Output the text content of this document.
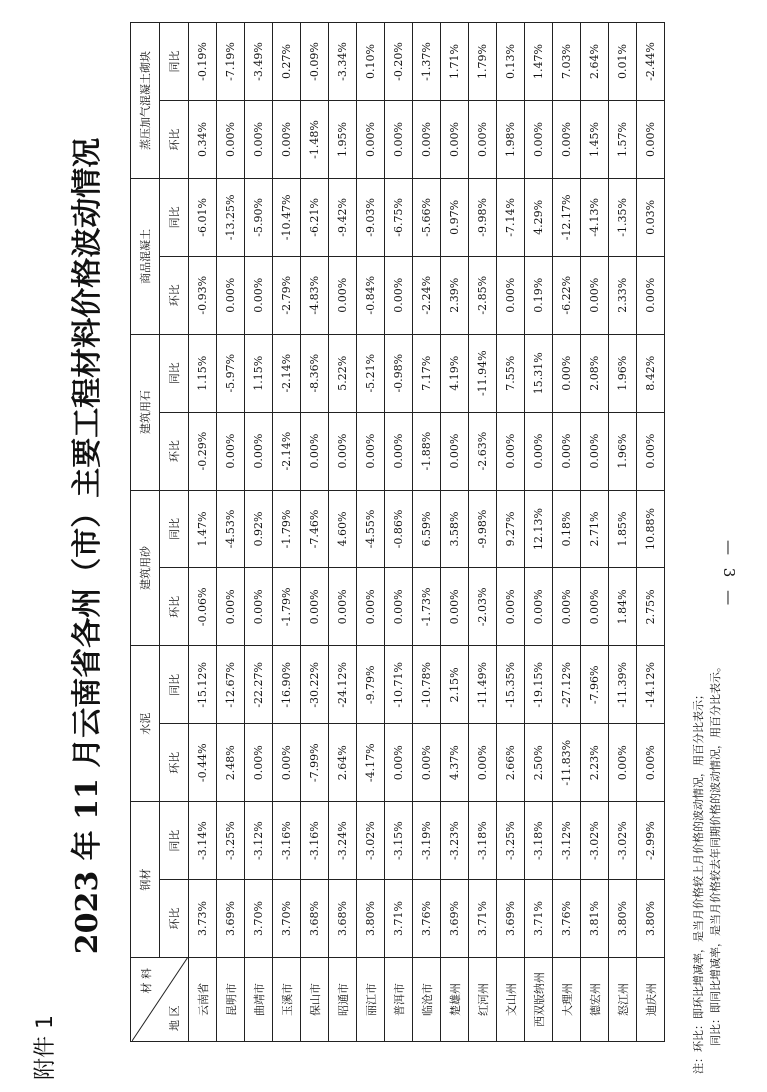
— 3 —
附件 1
2023 年 11 月云南省各州（市）主要工程材料价格波动情况
材 料
地 区	钢材		水泥		建筑用砂		建筑用石		商品混凝土		蒸压加气混凝土砌块	
	环比	同比	环比	同比	环比	同比	环比	同比	环比	同比	环比	同比
云南省	3.73%	-3.14%	-0.44%	-15.12%	-0.06%	1.47%	-0.29%	1.15%	-0.93%	-6.01%	0.34%	-0.19%
昆明市	3.69%	-3.25%	2.48%	-12.67%	0.00%	-4.53%	0.00%	-5.97%	0.00%	-13.25%	0.00%	-7.19%
曲靖市	3.70%	-3.12%	0.00%	-22.27%	0.00%	0.92%	0.00%	1.15%	0.00%	-5.90%	0.00%	-3.49%
玉溪市	3.70%	-3.16%	0.00%	-16.90%	-1.79%	-1.79%	-2.14%	-2.14%	-2.79%	-10.47%	0.00%	0.27%
保山市	3.68%	-3.16%	-7.99%	-30.22%	0.00%	-7.46%	0.00%	-8.36%	-4.83%	-6.21%	-1.48%	-0.09%
昭通市	3.68%	-3.24%	2.64%	-24.12%	0.00%	4.60%	0.00%	5.22%	0.00%	-9.42%	1.95%	-3.34%
丽江市	3.80%	-3.02%	-4.17%	-9.79%	0.00%	-4.55%	0.00%	-5.21%	-0.84%	-9.03%	0.00%	0.10%
普洱市	3.71%	-3.15%	0.00%	-10.71%	0.00%	-0.86%	0.00%	-0.98%	0.00%	-6.75%	0.00%	-0.20%
临沧市	3.76%	-3.19%	0.00%	-10.78%	-1.73%	6.59%	-1.88%	7.17%	-2.24%	-5.66%	0.00%	-1.37%
楚雄州	3.69%	-3.23%	4.37%	2.15%	0.00%	3.58%	0.00%	4.19%	2.39%	0.97%	0.00%	1.71%
红河州	3.71%	-3.18%	0.00%	-11.49%	-2.03%	-9.98%	-2.63%	-11.94%	-2.85%	-9.98%	0.00%	1.79%
文山州	3.69%	-3.25%	2.66%	-15.35%	0.00%	9.27%	0.00%	7.55%	0.00%	-7.14%	1.98%	0.13%
西双版纳州	3.71%	-3.18%	2.50%	-19.15%	0.00%	12.13%	0.00%	15.31%	0.19%	4.29%	0.00%	1.47%
大理州	3.76%	-3.12%	-11.83%	-27.12%	0.00%	0.18%	0.00%	0.00%	-6.22%	-12.17%	0.00%	7.03%
德宏州	3.81%	-3.02%	2.23%	-7.96%	0.00%	2.71%	0.00%	2.08%	0.00%	-4.13%	1.45%	2.64%
怒江州	3.80%	-3.02%	0.00%	-11.39%	1.84%	1.85%	1.96%	1.96%	2.33%	-1.35%	1.57%	0.01%
迪庆州	3.80%	-2.99%	0.00%	-14.12%	2.75%	10.88%	0.00%	8.42%	0.00%	0.03%	0.00%	-2.44%
注：环比：即环比增减率，是当月价格较上月价格的波动情况，用百分比表示； 同比：即同比增减率，是当月价格较去年同期价格的波动情况，用百分比表示。
